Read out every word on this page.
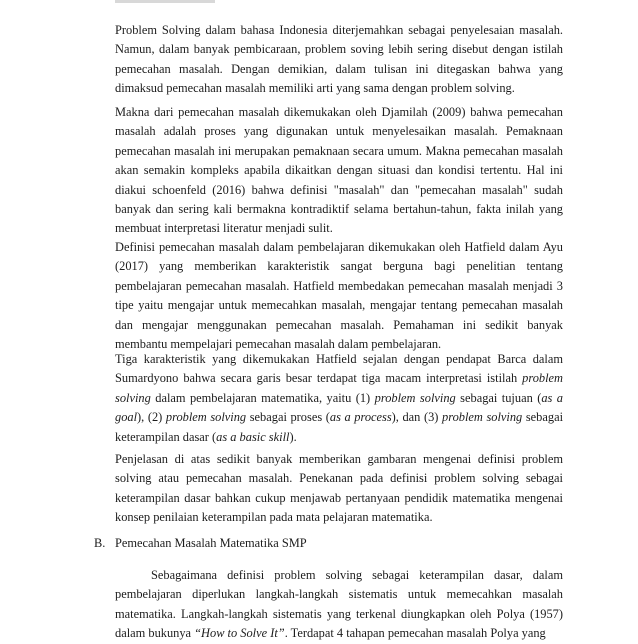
Problem Solving dalam bahasa Indonesia diterjemahkan sebagai penyelesaian masalah. Namun, dalam banyak pembicaraan, problem soving lebih sering disebut dengan istilah pemecahan masalah. Dengan demikian, dalam tulisan ini ditegaskan bahwa yang dimaksud pemecahan masalah memiliki arti yang sama dengan problem solving.

Makna dari pemecahan masalah dikemukakan oleh Djamilah (2009) bahwa pemecahan masalah adalah proses yang digunakan untuk menyelesaikan masalah. Pemaknaan pemecahan masalah ini merupakan pemaknaan secara umum. Makna pemecahan masalah akan semakin kompleks apabila dikaitkan dengan situasi dan kondisi tertentu. Hal ini diakui schoenfeld (2016) bahwa definisi "masalah" dan "pemecahan masalah" sudah banyak dan sering kali bermakna kontradiktif selama bertahun-tahun, fakta inilah yang membuat interpretasi literatur menjadi sulit.

Definisi pemecahan masalah dalam pembelajaran dikemukakan oleh Hatfield dalam Ayu (2017) yang memberikan karakteristik sangat berguna bagi penelitian tentang pembelajaran pemecahan masalah. Hatfield membedakan pemecahan masalah menjadi 3 tipe yaitu mengajar untuk memecahkan masalah, mengajar tentang pemecahan masalah dan mengajar menggunakan pemecahan masalah. Pemahaman ini sedikit banyak membantu mempelajari pemecahan masalah dalam pembelajaran.

Tiga karakteristik yang dikemukakan Hatfield sejalan dengan pendapat Barca dalam Sumardyono bahwa secara garis besar terdapat tiga macam interpretasi istilah problem solving dalam pembelajaran matematika, yaitu (1) problem solving sebagai tujuan (as a goal), (2) problem solving sebagai proses (as a process), dan (3) problem solving sebagai keterampilan dasar (as a basic skill).

Penjelasan di atas sedikit banyak memberikan gambaran mengenai definisi problem solving atau pemecahan masalah. Penekanan pada definisi problem solving sebagai keterampilan dasar bahkan cukup menjawab pertanyaan pendidik matematika mengenai konsep penilaian keterampilan pada mata pelajaran matematika.

B. Pemecahan Masalah Matematika SMP

Sebagaimana definisi problem solving sebagai keterampilan dasar, dalam pembelajaran diperlukan langkah-langkah sistematis untuk memecahkan masalah matematika. Langkah-langkah sistematis yang terkenal diungkapkan oleh Polya (1957) dalam bukunya “How to Solve It”. Terdapat 4 tahapan pemecahan masalah Polya yang
